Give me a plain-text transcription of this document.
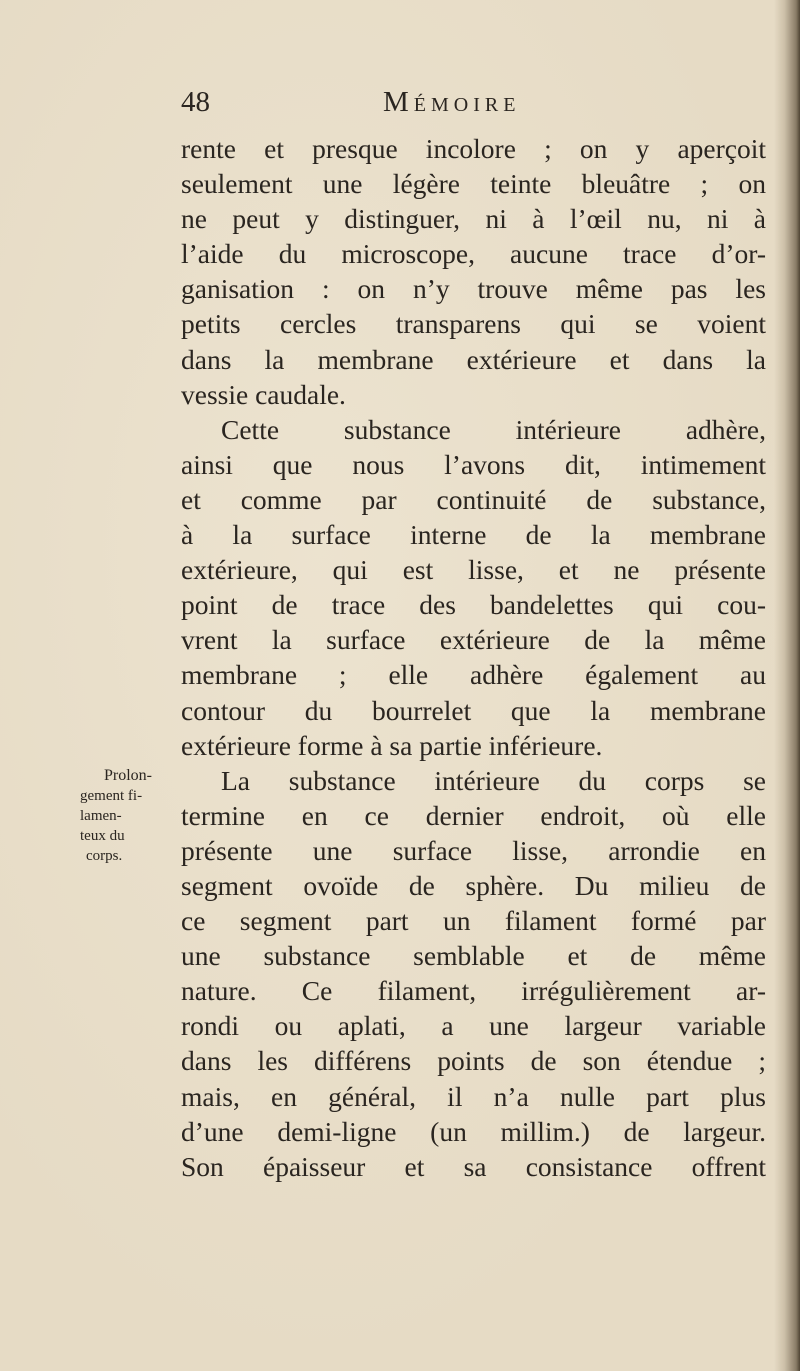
48	Mémoire
Prolon-
gement fi-
lamen-
teux du
corps.
rente et presque incolore ; on y aperçoit
seulement une légère teinte bleuâtre ; on
ne peut y distinguer, ni à l’œil nu, ni à
l’aide du microscope, aucune trace d’or-
ganisation : on n’y trouve même pas les
petits cercles transparens qui se voient
dans la membrane extérieure et dans la
vessie caudale.
Cette substance intérieure adhère,
ainsi que nous l’avons dit, intimement
et comme par continuité de substance,
à la surface interne de la membrane
extérieure, qui est lisse, et ne présente
point de trace des bandelettes qui cou-
vrent la surface extérieure de la même
membrane ; elle adhère également au
contour du bourrelet que la membrane
extérieure forme à sa partie inférieure.
La substance intérieure du corps se
termine en ce dernier endroit, où elle
présente une surface lisse, arrondie en
segment ovoïde de sphère. Du milieu de
ce segment part un filament formé par
une substance semblable et de même
nature. Ce filament, irrégulièrement ar-
rondi ou aplati, a une largeur variable
dans les différens points de son étendue ;
mais, en général, il n’a nulle part plus
d’une demi-ligne (un millim.) de largeur.
Son épaisseur et sa consistance offrent
